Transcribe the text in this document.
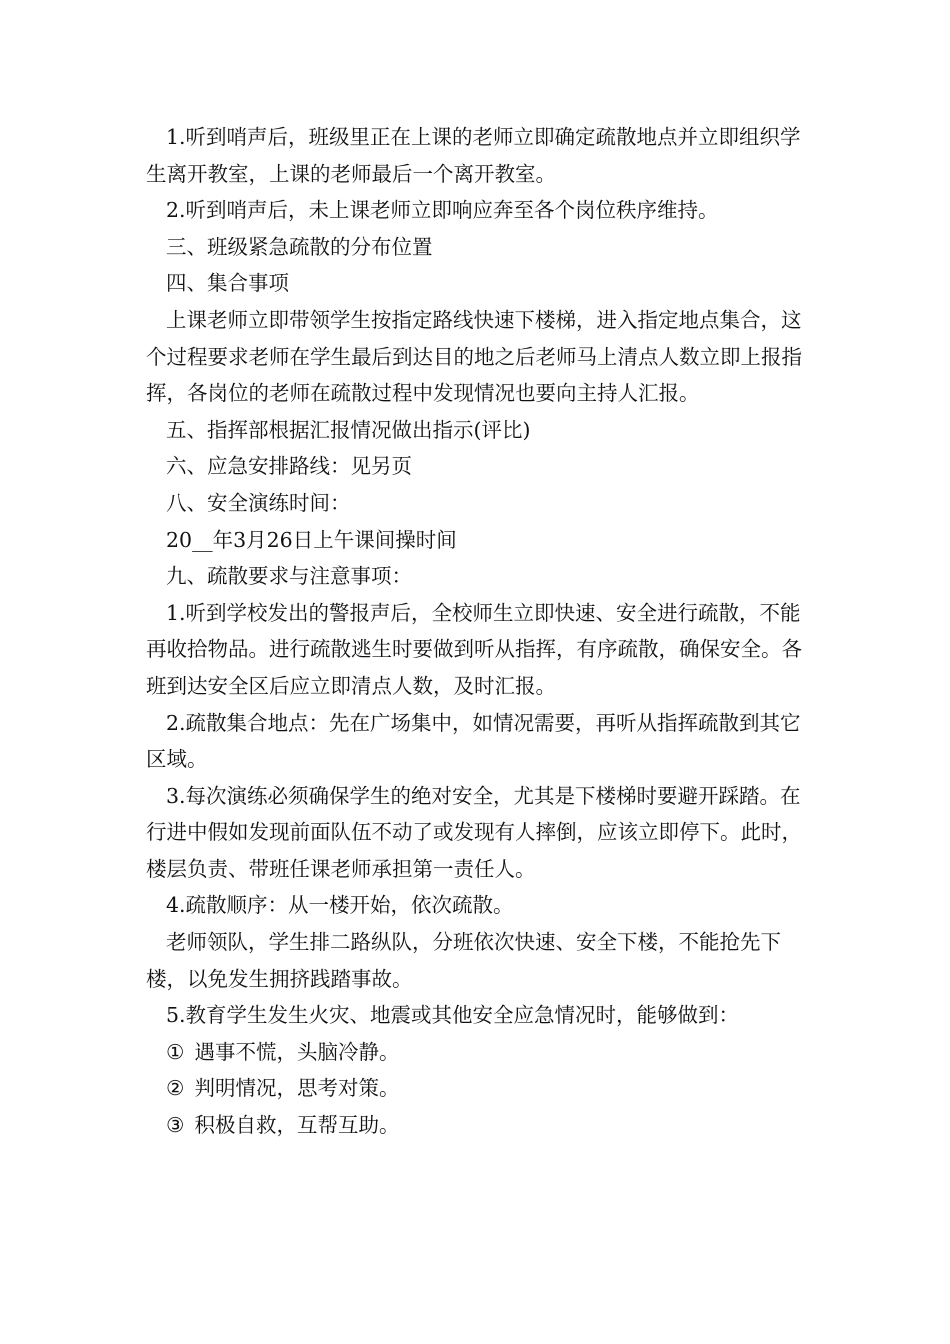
1.听到哨声后，班级里正在上课的老师立即确定疏散地点并立即组织学生离开教室，上课的老师最后一个离开教室。

2.听到哨声后，未上课老师立即响应奔至各个岗位秩序维持。

三、班级紧急疏散的分布位置

四、集合事项

上课老师立即带领学生按指定路线快速下楼梯，进入指定地点集合，这个过程要求老师在学生最后到达目的地之后老师马上清点人数立即上报指挥，各岗位的老师在疏散过程中发现情况也要向主持人汇报。

五、指挥部根据汇报情况做出指示(评比)

六、应急安排路线：见另页

八、安全演练时间：

20__年3月26日上午课间操时间

九、疏散要求与注意事项：

1.听到学校发出的警报声后，全校师生立即快速、安全进行疏散，不能再收拾物品。进行疏散逃生时要做到听从指挥，有序疏散，确保安全。各班到达安全区后应立即清点人数，及时汇报。

2.疏散集合地点：先在广场集中，如情况需要，再听从指挥疏散到其它区域。

3.每次演练必须确保学生的绝对安全，尤其是下楼梯时要避开踩踏。在行进中假如发现前面队伍不动了或发现有人摔倒，应该立即停下。此时，楼层负责、带班任课老师承担第一责任人。

4.疏散顺序：从一楼开始，依次疏散。

老师领队，学生排二路纵队，分班依次快速、安全下楼，不能抢先下楼，以免发生拥挤践踏事故。

5.教育学生发生火灾、地震或其他安全应急情况时，能够做到：

① 遇事不慌，头脑冷静。

② 判明情况，思考对策。

③ 积极自救，互帮互助。
